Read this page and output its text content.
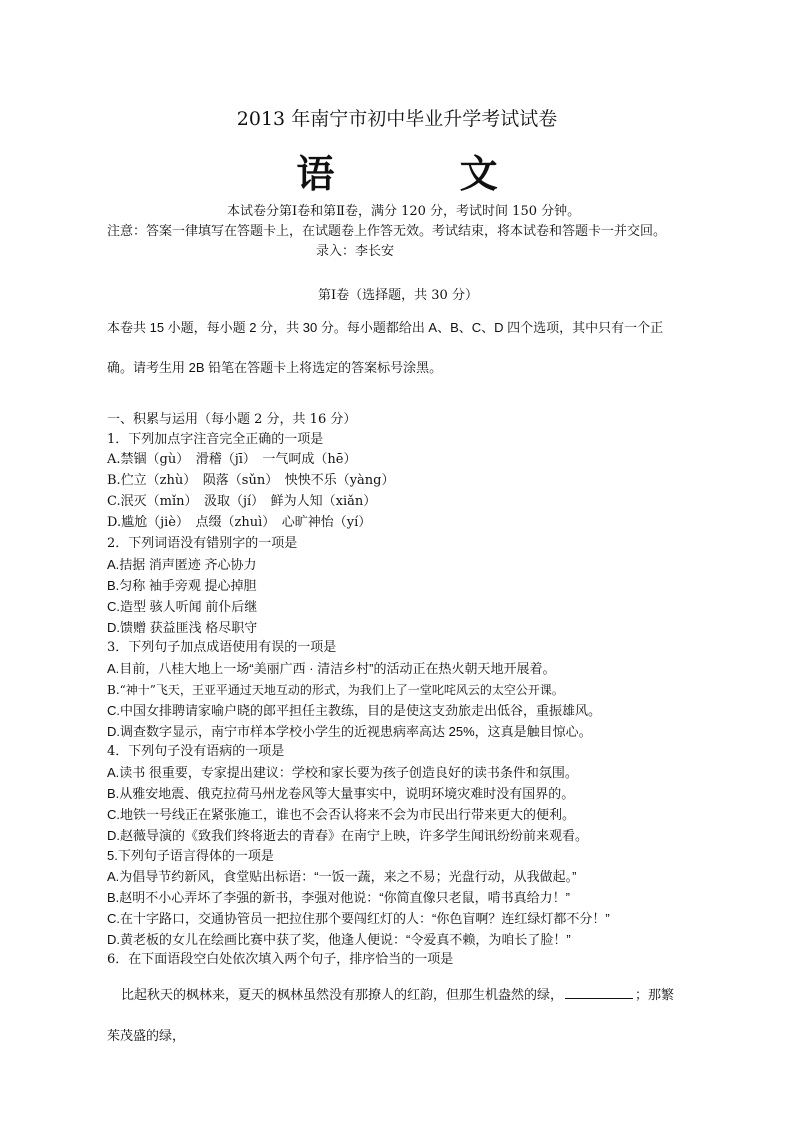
2013 年南宁市初中毕业升学考试试卷
语 文
本试卷分第Ⅰ卷和第Ⅱ卷，满分 120 分，考试时间 150 分钟。
注意：答案一律填写在答题卡上，在试题卷上作答无效。考试结束，将本试卷和答题卡一并交回。
录入：李长安
第Ⅰ卷（选择题，共 30 分）
本卷共 15 小题，每小题 2 分，共 30 分。每小题都给出 A、B、C、D 四个选项，其中只有一个正
确。请考生用 2B 铅笔在答题卡上将选定的答案标号涂黑。
一、积累与运用（每小题 2 分，共 16 分）
1．下列加点字注音完全正确的一项是
A.禁锢（gù）　滑稽（jī）　一气呵成（hē）
B.伫立（zhù）　陨落（sǔn）　怏怏不乐（yàng）
C.泯灭（mǐn）　汲取（jí）　鲜为人知（xiǎn）
D.尴尬（jiè）　点缀（zhuì）　心旷神怡（yí）
2．下列词语没有错别字的一项是
A.拮据 消声匿迹 齐心协力
B.匀称 袖手旁观 提心掉胆
C.造型 骇人听闻 前仆后继
D.馈赠 获益匪浅 格尽职守
3．下列句子加点成语使用有误的一项是
A.目前，八桂大地上一场“美丽广西 · 清洁乡村”的活动正在热火朝天地开展着。
B.“神十”飞天，王亚平通过天地互动的形式，为我们上了一堂叱咤风云的太空公开课。
C.中国女排聘请家喻户晓的郎平担任主教练，目的是使这支劲旅走出低谷，重振雄风。
D.调查数字显示，南宁市样本学校小学生的近视患病率高达 25%，这真是触目惊心。
4．下列句子没有语病的一项是
A.读书 很重要，专家提出建议：学校和家长要为孩子创造良好的读书条件和氛围。
B.从雅安地震、俄克拉荷马州龙卷风等大量事实中，说明环境灾难时没有国界的。
C.地铁一号线正在紧张施工，谁也不会否认将来不会为市民出行带来更大的便利。
D.赵薇导演的《致我们终将逝去的青春》在南宁上映，许多学生闻讯纷纷前来观看。
5.下列句子语言得体的一项是
A.为倡导节约新风，食堂贴出标语：“一饭一蔬，来之不易；光盘行动，从我做起。”
B.赵明不小心弄坏了李强的新书，李强对他说：“你简直像只老鼠，啃书真给力！”
C.在十字路口，交通协管员一把拉住那个要闯红灯的人：“你色盲啊？连红绿灯都不分！”
D.黄老板的女儿在绘画比赛中获了奖，他逢人便说：“令爱真不赖，为咱长了脸！”
6．在下面语段空白处依次填入两个句子，排序恰当的一项是
比起秋天的枫林来，夏天的枫林虽然没有那撩人的红韵，但那生机盎然的绿，	；那繁
茱茂盛的绿，
